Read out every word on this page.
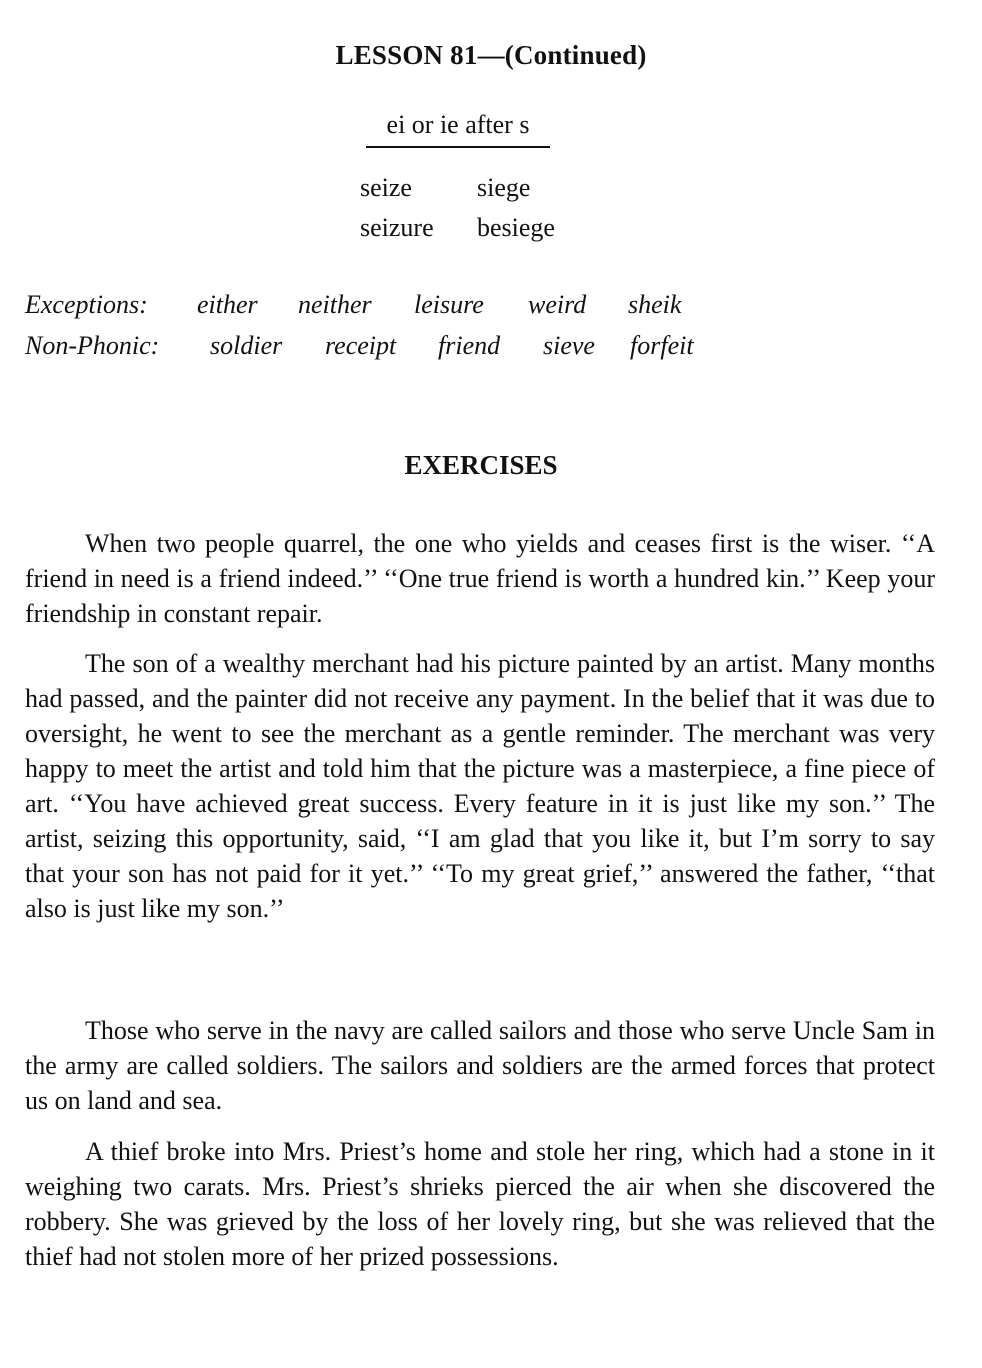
LESSON 81—(Continued)
ei or ie after s
seize
seizure
siege
besiege
Exceptions: either neither leisure weird sheik
Non-Phonic: soldier receipt friend sieve forfeit
EXERCISES

When two people quarrel, the one who yields and ceases first is the wiser. ‘‘A friend in need is a friend indeed.’’ ‘‘One true friend is worth a hundred kin.’’ Keep your friendship in constant repair.

The son of a wealthy merchant had his picture painted by an artist. Many months had passed, and the painter did not receive any payment. In the belief that it was due to oversight, he went to see the merchant as a gentle reminder. The merchant was very happy to meet the artist and told him that the picture was a masterpiece, a fine piece of art. ‘‘You have achieved great success. Every feature in it is just like my son.’’ The artist, seizing this opportunity, said, ‘‘I am glad that you like it, but I’m sorry to say that your son has not paid for it yet.’’ ‘‘To my great grief,’’ answered the father, ‘‘that also is just like my son.’’

Those who serve in the navy are called sailors and those who serve Uncle Sam in the army are called soldiers. The sailors and soldiers are the armed forces that protect us on land and sea.

A thief broke into Mrs. Priest’s home and stole her ring, which had a stone in it weighing two carats. Mrs. Priest’s shrieks pierced the air when she discovered the robbery. She was grieved by the loss of her lovely ring, but she was relieved that the thief had not stolen more of her prized possessions.
